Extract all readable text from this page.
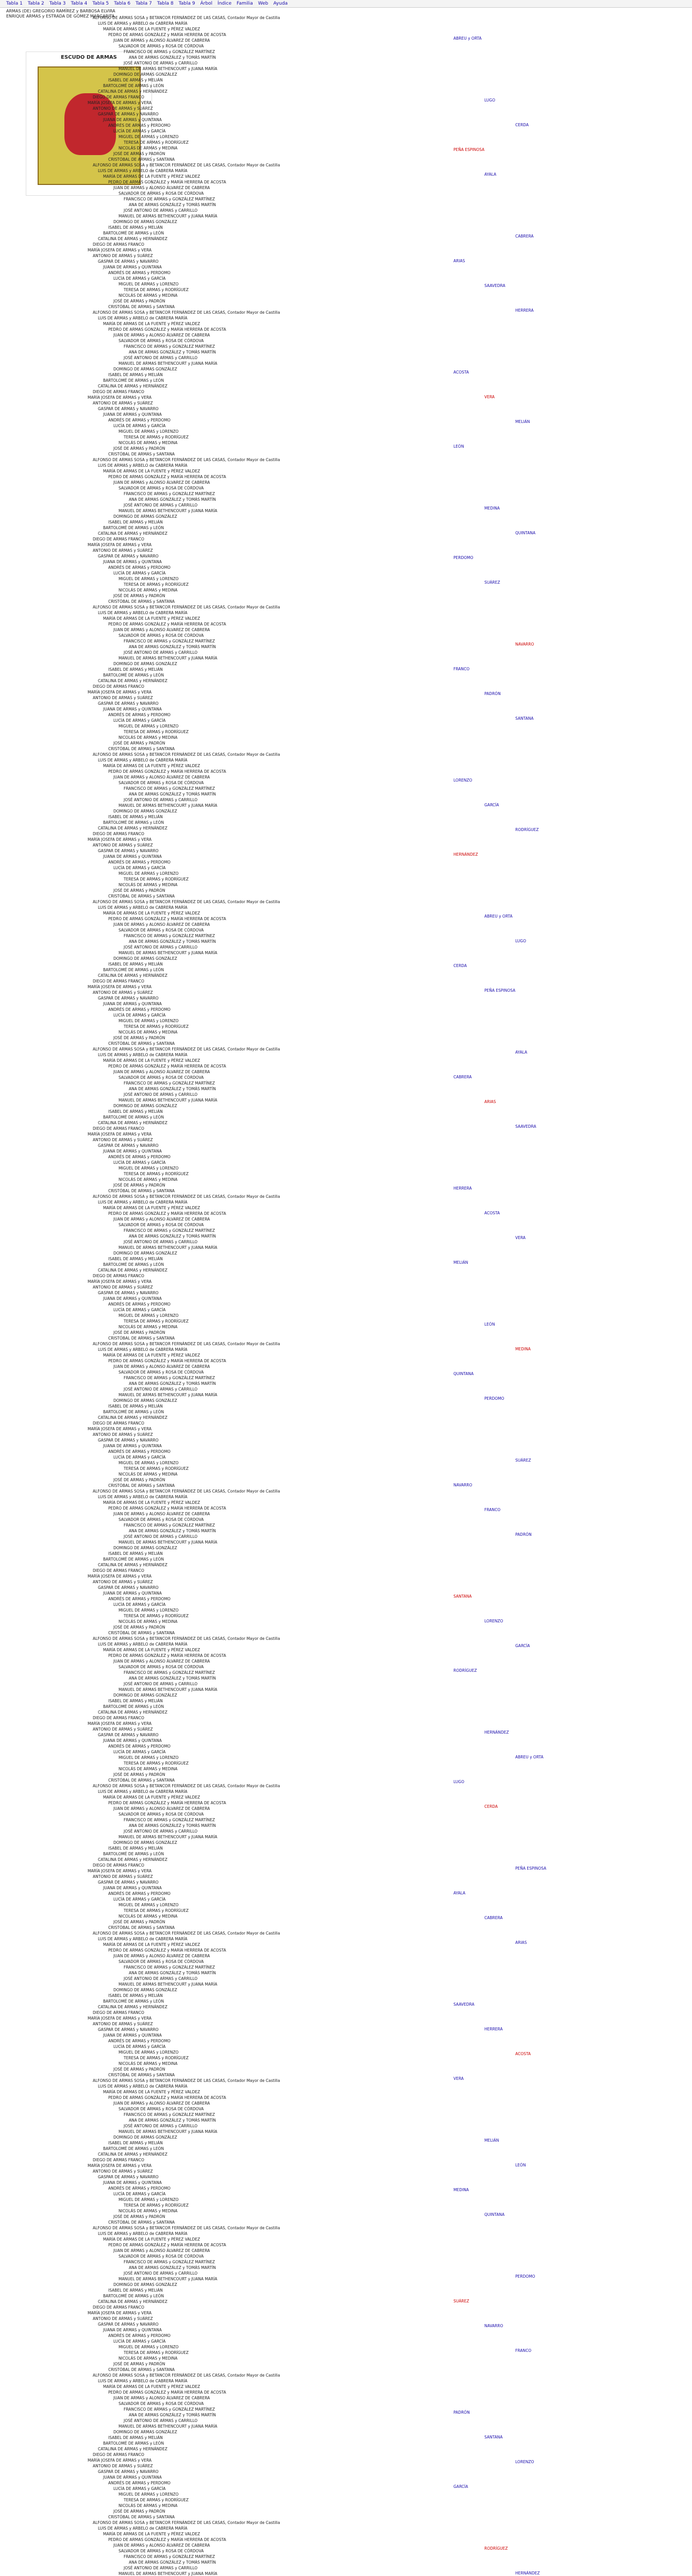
Tabla 1 Tabla 2 Tabla 3 Tabla 4 Tabla 5 Tabla 6 Tabla 7 Tabla 8 Tabla 9 Árbol Índice Familia Web Ayuda
ARMAS (DE) GREGORIO RAMÍREZ y BARBOSA ELVIRA
ENRIQUE ARMAS y ESTRADA DE GÓMEZ MARGARITA
ESCUDO DE ARMAS
ALFONSO DE ARMAS SOSA y BETANCOR FERNÁNDEZ DE LAS CASAS, Contador Mayor de Castilla
LUIS DE ARMAS y ARBELO de CABRERA MARÍA
MARÍA DE ARMAS DE LA FUENTE y PÉREZ VALDEZ
PEDRO DE ARMAS GONZÁLEZ y MARÍA HERRERA DE ACOSTA
JUAN DE ARMAS y ALONSO ÁLVAREZ DE CABRERA
SALVADOR DE ARMAS y ROSA DE CÓRDOVA
FRANCISCO DE ARMAS y GONZÁLEZ MARTÍNEZ
ANA DE ARMAS GONZÁLEZ y TOMÁS MARTÍN
JOSÉ ANTONIO DE ARMAS y CARRILLO
MANUEL DE ARMAS BETHENCOURT y JUANA MARÍA
DOMINGO DE ARMAS GONZÁLEZ
ISABEL DE ARMAS y MELIÁN
BARTOLOMÉ DE ARMAS y LEÓN
CATALINA DE ARMAS y HERNÁNDEZ
DIEGO DE ARMAS FRANCO
MARÍA JOSEFA DE ARMAS y VERA
ANTONIO DE ARMAS y SUÁREZ
GASPAR DE ARMAS y NAVARRO
JUANA DE ARMAS y QUINTANA
ANDRÉS DE ARMAS y PERDOMO
LUCÍA DE ARMAS y GARCÍA
MIGUEL DE ARMAS y LORENZO
TERESA DE ARMAS y RODRÍGUEZ
NICOLÁS DE ARMAS y MEDINA
JOSÉ DE ARMAS y PADRÓN
CRISTÓBAL DE ARMAS y SANTANA
ALFONSO DE ARMAS SOSA y BETANCOR FERNÁNDEZ DE LAS CASAS, Contador Mayor de Castilla
LUIS DE ARMAS y ARBELO de CABRERA MARÍA
MARÍA DE ARMAS DE LA FUENTE y PÉREZ VALDEZ
PEDRO DE ARMAS GONZÁLEZ y MARÍA HERRERA DE ACOSTA
JUAN DE ARMAS y ALONSO ÁLVAREZ DE CABRERA
SALVADOR DE ARMAS y ROSA DE CÓRDOVA
FRANCISCO DE ARMAS y GONZÁLEZ MARTÍNEZ
ANA DE ARMAS GONZÁLEZ y TOMÁS MARTÍN
JOSÉ ANTONIO DE ARMAS y CARRILLO
MANUEL DE ARMAS BETHENCOURT y JUANA MARÍA
DOMINGO DE ARMAS GONZÁLEZ
ISABEL DE ARMAS y MELIÁN
BARTOLOMÉ DE ARMAS y LEÓN
CATALINA DE ARMAS y HERNÁNDEZ
DIEGO DE ARMAS FRANCO
MARÍA JOSEFA DE ARMAS y VERA
ANTONIO DE ARMAS y SUÁREZ
GASPAR DE ARMAS y NAVARRO
JUANA DE ARMAS y QUINTANA
ANDRÉS DE ARMAS y PERDOMO
LUCÍA DE ARMAS y GARCÍA
MIGUEL DE ARMAS y LORENZO
TERESA DE ARMAS y RODRÍGUEZ
NICOLÁS DE ARMAS y MEDINA
JOSÉ DE ARMAS y PADRÓN
CRISTÓBAL DE ARMAS y SANTANA
ALFONSO DE ARMAS SOSA y BETANCOR FERNÁNDEZ DE LAS CASAS, Contador Mayor de Castilla
LUIS DE ARMAS y ARBELO de CABRERA MARÍA
MARÍA DE ARMAS DE LA FUENTE y PÉREZ VALDEZ
PEDRO DE ARMAS GONZÁLEZ y MARÍA HERRERA DE ACOSTA
JUAN DE ARMAS y ALONSO ÁLVAREZ DE CABRERA
SALVADOR DE ARMAS y ROSA DE CÓRDOVA
FRANCISCO DE ARMAS y GONZÁLEZ MARTÍNEZ
ANA DE ARMAS GONZÁLEZ y TOMÁS MARTÍN
JOSÉ ANTONIO DE ARMAS y CARRILLO
MANUEL DE ARMAS BETHENCOURT y JUANA MARÍA
DOMINGO DE ARMAS GONZÁLEZ
ISABEL DE ARMAS y MELIÁN
BARTOLOMÉ DE ARMAS y LEÓN
CATALINA DE ARMAS y HERNÁNDEZ
DIEGO DE ARMAS FRANCO
MARÍA JOSEFA DE ARMAS y VERA
ANTONIO DE ARMAS y SUÁREZ
GASPAR DE ARMAS y NAVARRO
JUANA DE ARMAS y QUINTANA
ANDRÉS DE ARMAS y PERDOMO
LUCÍA DE ARMAS y GARCÍA
MIGUEL DE ARMAS y LORENZO
TERESA DE ARMAS y RODRÍGUEZ
NICOLÁS DE ARMAS y MEDINA
JOSÉ DE ARMAS y PADRÓN
CRISTÓBAL DE ARMAS y SANTANA
ALFONSO DE ARMAS SOSA y BETANCOR FERNÁNDEZ DE LAS CASAS, Contador Mayor de Castilla
LUIS DE ARMAS y ARBELO de CABRERA MARÍA
MARÍA DE ARMAS DE LA FUENTE y PÉREZ VALDEZ
PEDRO DE ARMAS GONZÁLEZ y MARÍA HERRERA DE ACOSTA
JUAN DE ARMAS y ALONSO ÁLVAREZ DE CABRERA
SALVADOR DE ARMAS y ROSA DE CÓRDOVA
FRANCISCO DE ARMAS y GONZÁLEZ MARTÍNEZ
ANA DE ARMAS GONZÁLEZ y TOMÁS MARTÍN
JOSÉ ANTONIO DE ARMAS y CARRILLO
MANUEL DE ARMAS BETHENCOURT y JUANA MARÍA
DOMINGO DE ARMAS GONZÁLEZ
ISABEL DE ARMAS y MELIÁN
BARTOLOMÉ DE ARMAS y LEÓN
CATALINA DE ARMAS y HERNÁNDEZ
DIEGO DE ARMAS FRANCO
MARÍA JOSEFA DE ARMAS y VERA
ANTONIO DE ARMAS y SUÁREZ
GASPAR DE ARMAS y NAVARRO
JUANA DE ARMAS y QUINTANA
ANDRÉS DE ARMAS y PERDOMO
LUCÍA DE ARMAS y GARCÍA
MIGUEL DE ARMAS y LORENZO
TERESA DE ARMAS y RODRÍGUEZ
NICOLÁS DE ARMAS y MEDINA
JOSÉ DE ARMAS y PADRÓN
CRISTÓBAL DE ARMAS y SANTANA
ALFONSO DE ARMAS SOSA y BETANCOR FERNÁNDEZ DE LAS CASAS, Contador Mayor de Castilla
LUIS DE ARMAS y ARBELO de CABRERA MARÍA
MARÍA DE ARMAS DE LA FUENTE y PÉREZ VALDEZ
PEDRO DE ARMAS GONZÁLEZ y MARÍA HERRERA DE ACOSTA
JUAN DE ARMAS y ALONSO ÁLVAREZ DE CABRERA
SALVADOR DE ARMAS y ROSA DE CÓRDOVA
FRANCISCO DE ARMAS y GONZÁLEZ MARTÍNEZ
ANA DE ARMAS GONZÁLEZ y TOMÁS MARTÍN
JOSÉ ANTONIO DE ARMAS y CARRILLO
MANUEL DE ARMAS BETHENCOURT y JUANA MARÍA
DOMINGO DE ARMAS GONZÁLEZ
ISABEL DE ARMAS y MELIÁN
BARTOLOMÉ DE ARMAS y LEÓN
CATALINA DE ARMAS y HERNÁNDEZ
DIEGO DE ARMAS FRANCO
MARÍA JOSEFA DE ARMAS y VERA
ANTONIO DE ARMAS y SUÁREZ
GASPAR DE ARMAS y NAVARRO
JUANA DE ARMAS y QUINTANA
ANDRÉS DE ARMAS y PERDOMO
LUCÍA DE ARMAS y GARCÍA
MIGUEL DE ARMAS y LORENZO
TERESA DE ARMAS y RODRÍGUEZ
NICOLÁS DE ARMAS y MEDINA
JOSÉ DE ARMAS y PADRÓN
CRISTÓBAL DE ARMAS y SANTANA
ALFONSO DE ARMAS SOSA y BETANCOR FERNÁNDEZ DE LAS CASAS, Contador Mayor de Castilla
LUIS DE ARMAS y ARBELO de CABRERA MARÍA
MARÍA DE ARMAS DE LA FUENTE y PÉREZ VALDEZ
PEDRO DE ARMAS GONZÁLEZ y MARÍA HERRERA DE ACOSTA
JUAN DE ARMAS y ALONSO ÁLVAREZ DE CABRERA
SALVADOR DE ARMAS y ROSA DE CÓRDOVA
FRANCISCO DE ARMAS y GONZÁLEZ MARTÍNEZ
ANA DE ARMAS GONZÁLEZ y TOMÁS MARTÍN
JOSÉ ANTONIO DE ARMAS y CARRILLO
MANUEL DE ARMAS BETHENCOURT y JUANA MARÍA
DOMINGO DE ARMAS GONZÁLEZ
ISABEL DE ARMAS y MELIÁN
BARTOLOMÉ DE ARMAS y LEÓN
CATALINA DE ARMAS y HERNÁNDEZ
DIEGO DE ARMAS FRANCO
MARÍA JOSEFA DE ARMAS y VERA
ANTONIO DE ARMAS y SUÁREZ
GASPAR DE ARMAS y NAVARRO
JUANA DE ARMAS y QUINTANA
ANDRÉS DE ARMAS y PERDOMO
LUCÍA DE ARMAS y GARCÍA
MIGUEL DE ARMAS y LORENZO
TERESA DE ARMAS y RODRÍGUEZ
NICOLÁS DE ARMAS y MEDINA
JOSÉ DE ARMAS y PADRÓN
CRISTÓBAL DE ARMAS y SANTANA
ALFONSO DE ARMAS SOSA y BETANCOR FERNÁNDEZ DE LAS CASAS, Contador Mayor de Castilla
LUIS DE ARMAS y ARBELO de CABRERA MARÍA
MARÍA DE ARMAS DE LA FUENTE y PÉREZ VALDEZ
PEDRO DE ARMAS GONZÁLEZ y MARÍA HERRERA DE ACOSTA
JUAN DE ARMAS y ALONSO ÁLVAREZ DE CABRERA
SALVADOR DE ARMAS y ROSA DE CÓRDOVA
FRANCISCO DE ARMAS y GONZÁLEZ MARTÍNEZ
ANA DE ARMAS GONZÁLEZ y TOMÁS MARTÍN
JOSÉ ANTONIO DE ARMAS y CARRILLO
MANUEL DE ARMAS BETHENCOURT y JUANA MARÍA
DOMINGO DE ARMAS GONZÁLEZ
ISABEL DE ARMAS y MELIÁN
BARTOLOMÉ DE ARMAS y LEÓN
CATALINA DE ARMAS y HERNÁNDEZ
DIEGO DE ARMAS FRANCO
MARÍA JOSEFA DE ARMAS y VERA
ANTONIO DE ARMAS y SUÁREZ
GASPAR DE ARMAS y NAVARRO
JUANA DE ARMAS y QUINTANA
ANDRÉS DE ARMAS y PERDOMO
LUCÍA DE ARMAS y GARCÍA
MIGUEL DE ARMAS y LORENZO
TERESA DE ARMAS y RODRÍGUEZ
NICOLÁS DE ARMAS y MEDINA
JOSÉ DE ARMAS y PADRÓN
CRISTÓBAL DE ARMAS y SANTANA
ALFONSO DE ARMAS SOSA y BETANCOR FERNÁNDEZ DE LAS CASAS, Contador Mayor de Castilla
LUIS DE ARMAS y ARBELO de CABRERA MARÍA
MARÍA DE ARMAS DE LA FUENTE y PÉREZ VALDEZ
PEDRO DE ARMAS GONZÁLEZ y MARÍA HERRERA DE ACOSTA
JUAN DE ARMAS y ALONSO ÁLVAREZ DE CABRERA
SALVADOR DE ARMAS y ROSA DE CÓRDOVA
FRANCISCO DE ARMAS y GONZÁLEZ MARTÍNEZ
ANA DE ARMAS GONZÁLEZ y TOMÁS MARTÍN
JOSÉ ANTONIO DE ARMAS y CARRILLO
MANUEL DE ARMAS BETHENCOURT y JUANA MARÍA
DOMINGO DE ARMAS GONZÁLEZ
ISABEL DE ARMAS y MELIÁN
BARTOLOMÉ DE ARMAS y LEÓN
CATALINA DE ARMAS y HERNÁNDEZ
DIEGO DE ARMAS FRANCO
MARÍA JOSEFA DE ARMAS y VERA
ANTONIO DE ARMAS y SUÁREZ
GASPAR DE ARMAS y NAVARRO
JUANA DE ARMAS y QUINTANA
ANDRÉS DE ARMAS y PERDOMO
LUCÍA DE ARMAS y GARCÍA
MIGUEL DE ARMAS y LORENZO
TERESA DE ARMAS y RODRÍGUEZ
NICOLÁS DE ARMAS y MEDINA
JOSÉ DE ARMAS y PADRÓN
CRISTÓBAL DE ARMAS y SANTANA
ALFONSO DE ARMAS SOSA y BETANCOR FERNÁNDEZ DE LAS CASAS, Contador Mayor de Castilla
LUIS DE ARMAS y ARBELO de CABRERA MARÍA
MARÍA DE ARMAS DE LA FUENTE y PÉREZ VALDEZ
PEDRO DE ARMAS GONZÁLEZ y MARÍA HERRERA DE ACOSTA
JUAN DE ARMAS y ALONSO ÁLVAREZ DE CABRERA
SALVADOR DE ARMAS y ROSA DE CÓRDOVA
FRANCISCO DE ARMAS y GONZÁLEZ MARTÍNEZ
ANA DE ARMAS GONZÁLEZ y TOMÁS MARTÍN
JOSÉ ANTONIO DE ARMAS y CARRILLO
MANUEL DE ARMAS BETHENCOURT y JUANA MARÍA
DOMINGO DE ARMAS GONZÁLEZ
ISABEL DE ARMAS y MELIÁN
BARTOLOMÉ DE ARMAS y LEÓN
CATALINA DE ARMAS y HERNÁNDEZ
DIEGO DE ARMAS FRANCO
MARÍA JOSEFA DE ARMAS y VERA
ANTONIO DE ARMAS y SUÁREZ
GASPAR DE ARMAS y NAVARRO
JUANA DE ARMAS y QUINTANA
ANDRÉS DE ARMAS y PERDOMO
LUCÍA DE ARMAS y GARCÍA
MIGUEL DE ARMAS y LORENZO
TERESA DE ARMAS y RODRÍGUEZ
NICOLÁS DE ARMAS y MEDINA
JOSÉ DE ARMAS y PADRÓN
CRISTÓBAL DE ARMAS y SANTANA
ALFONSO DE ARMAS SOSA y BETANCOR FERNÁNDEZ DE LAS CASAS, Contador Mayor de Castilla
LUIS DE ARMAS y ARBELO de CABRERA MARÍA
MARÍA DE ARMAS DE LA FUENTE y PÉREZ VALDEZ
PEDRO DE ARMAS GONZÁLEZ y MARÍA HERRERA DE ACOSTA
JUAN DE ARMAS y ALONSO ÁLVAREZ DE CABRERA
SALVADOR DE ARMAS y ROSA DE CÓRDOVA
FRANCISCO DE ARMAS y GONZÁLEZ MARTÍNEZ
ANA DE ARMAS GONZÁLEZ y TOMÁS MARTÍN
JOSÉ ANTONIO DE ARMAS y CARRILLO
MANUEL DE ARMAS BETHENCOURT y JUANA MARÍA
DOMINGO DE ARMAS GONZÁLEZ
ISABEL DE ARMAS y MELIÁN
BARTOLOMÉ DE ARMAS y LEÓN
CATALINA DE ARMAS y HERNÁNDEZ
DIEGO DE ARMAS FRANCO
MARÍA JOSEFA DE ARMAS y VERA
ANTONIO DE ARMAS y SUÁREZ
GASPAR DE ARMAS y NAVARRO
JUANA DE ARMAS y QUINTANA
ANDRÉS DE ARMAS y PERDOMO
LUCÍA DE ARMAS y GARCÍA
MIGUEL DE ARMAS y LORENZO
TERESA DE ARMAS y RODRÍGUEZ
NICOLÁS DE ARMAS y MEDINA
JOSÉ DE ARMAS y PADRÓN
CRISTÓBAL DE ARMAS y SANTANA
ALFONSO DE ARMAS SOSA y BETANCOR FERNÁNDEZ DE LAS CASAS, Contador Mayor de Castilla
LUIS DE ARMAS y ARBELO de CABRERA MARÍA
MARÍA DE ARMAS DE LA FUENTE y PÉREZ VALDEZ
PEDRO DE ARMAS GONZÁLEZ y MARÍA HERRERA DE ACOSTA
JUAN DE ARMAS y ALONSO ÁLVAREZ DE CABRERA
SALVADOR DE ARMAS y ROSA DE CÓRDOVA
FRANCISCO DE ARMAS y GONZÁLEZ MARTÍNEZ
ANA DE ARMAS GONZÁLEZ y TOMÁS MARTÍN
JOSÉ ANTONIO DE ARMAS y CARRILLO
MANUEL DE ARMAS BETHENCOURT y JUANA MARÍA
DOMINGO DE ARMAS GONZÁLEZ
ISABEL DE ARMAS y MELIÁN
BARTOLOMÉ DE ARMAS y LEÓN
CATALINA DE ARMAS y HERNÁNDEZ
DIEGO DE ARMAS FRANCO
MARÍA JOSEFA DE ARMAS y VERA
ANTONIO DE ARMAS y SUÁREZ
GASPAR DE ARMAS y NAVARRO
JUANA DE ARMAS y QUINTANA
ANDRÉS DE ARMAS y PERDOMO
LUCÍA DE ARMAS y GARCÍA
MIGUEL DE ARMAS y LORENZO
TERESA DE ARMAS y RODRÍGUEZ
NICOLÁS DE ARMAS y MEDINA
JOSÉ DE ARMAS y PADRÓN
CRISTÓBAL DE ARMAS y SANTANA
ALFONSO DE ARMAS SOSA y BETANCOR FERNÁNDEZ DE LAS CASAS, Contador Mayor de Castilla
LUIS DE ARMAS y ARBELO de CABRERA MARÍA
MARÍA DE ARMAS DE LA FUENTE y PÉREZ VALDEZ
PEDRO DE ARMAS GONZÁLEZ y MARÍA HERRERA DE ACOSTA
JUAN DE ARMAS y ALONSO ÁLVAREZ DE CABRERA
SALVADOR DE ARMAS y ROSA DE CÓRDOVA
FRANCISCO DE ARMAS y GONZÁLEZ MARTÍNEZ
ANA DE ARMAS GONZÁLEZ y TOMÁS MARTÍN
JOSÉ ANTONIO DE ARMAS y CARRILLO
MANUEL DE ARMAS BETHENCOURT y JUANA MARÍA
DOMINGO DE ARMAS GONZÁLEZ
ISABEL DE ARMAS y MELIÁN
BARTOLOMÉ DE ARMAS y LEÓN
CATALINA DE ARMAS y HERNÁNDEZ
DIEGO DE ARMAS FRANCO
MARÍA JOSEFA DE ARMAS y VERA
ANTONIO DE ARMAS y SUÁREZ
GASPAR DE ARMAS y NAVARRO
JUANA DE ARMAS y QUINTANA
ANDRÉS DE ARMAS y PERDOMO
LUCÍA DE ARMAS y GARCÍA
MIGUEL DE ARMAS y LORENZO
TERESA DE ARMAS y RODRÍGUEZ
NICOLÁS DE ARMAS y MEDINA
JOSÉ DE ARMAS y PADRÓN
CRISTÓBAL DE ARMAS y SANTANA
ALFONSO DE ARMAS SOSA y BETANCOR FERNÁNDEZ DE LAS CASAS, Contador Mayor de Castilla
LUIS DE ARMAS y ARBELO de CABRERA MARÍA
MARÍA DE ARMAS DE LA FUENTE y PÉREZ VALDEZ
PEDRO DE ARMAS GONZÁLEZ y MARÍA HERRERA DE ACOSTA
JUAN DE ARMAS y ALONSO ÁLVAREZ DE CABRERA
SALVADOR DE ARMAS y ROSA DE CÓRDOVA
FRANCISCO DE ARMAS y GONZÁLEZ MARTÍNEZ
ANA DE ARMAS GONZÁLEZ y TOMÁS MARTÍN
JOSÉ ANTONIO DE ARMAS y CARRILLO
MANUEL DE ARMAS BETHENCOURT y JUANA MARÍA
DOMINGO DE ARMAS GONZÁLEZ
ISABEL DE ARMAS y MELIÁN
BARTOLOMÉ DE ARMAS y LEÓN
CATALINA DE ARMAS y HERNÁNDEZ
DIEGO DE ARMAS FRANCO
MARÍA JOSEFA DE ARMAS y VERA
ANTONIO DE ARMAS y SUÁREZ
GASPAR DE ARMAS y NAVARRO
JUANA DE ARMAS y QUINTANA
ANDRÉS DE ARMAS y PERDOMO
LUCÍA DE ARMAS y GARCÍA
MIGUEL DE ARMAS y LORENZO
TERESA DE ARMAS y RODRÍGUEZ
NICOLÁS DE ARMAS y MEDINA
JOSÉ DE ARMAS y PADRÓN
CRISTÓBAL DE ARMAS y SANTANA
ALFONSO DE ARMAS SOSA y BETANCOR FERNÁNDEZ DE LAS CASAS, Contador Mayor de Castilla
LUIS DE ARMAS y ARBELO de CABRERA MARÍA
MARÍA DE ARMAS DE LA FUENTE y PÉREZ VALDEZ
PEDRO DE ARMAS GONZÁLEZ y MARÍA HERRERA DE ACOSTA
JUAN DE ARMAS y ALONSO ÁLVAREZ DE CABRERA
SALVADOR DE ARMAS y ROSA DE CÓRDOVA
FRANCISCO DE ARMAS y GONZÁLEZ MARTÍNEZ
ANA DE ARMAS GONZÁLEZ y TOMÁS MARTÍN
JOSÉ ANTONIO DE ARMAS y CARRILLO
MANUEL DE ARMAS BETHENCOURT y JUANA MARÍA
DOMINGO DE ARMAS GONZÁLEZ
ISABEL DE ARMAS y MELIÁN
BARTOLOMÉ DE ARMAS y LEÓN
CATALINA DE ARMAS y HERNÁNDEZ
DIEGO DE ARMAS FRANCO
MARÍA JOSEFA DE ARMAS y VERA
ANTONIO DE ARMAS y SUÁREZ
GASPAR DE ARMAS y NAVARRO
JUANA DE ARMAS y QUINTANA
ANDRÉS DE ARMAS y PERDOMO
LUCÍA DE ARMAS y GARCÍA
MIGUEL DE ARMAS y LORENZO
TERESA DE ARMAS y RODRÍGUEZ
NICOLÁS DE ARMAS y MEDINA
JOSÉ DE ARMAS y PADRÓN
CRISTÓBAL DE ARMAS y SANTANA
ALFONSO DE ARMAS SOSA y BETANCOR FERNÁNDEZ DE LAS CASAS, Contador Mayor de Castilla
LUIS DE ARMAS y ARBELO de CABRERA MARÍA
MARÍA DE ARMAS DE LA FUENTE y PÉREZ VALDEZ
PEDRO DE ARMAS GONZÁLEZ y MARÍA HERRERA DE ACOSTA
JUAN DE ARMAS y ALONSO ÁLVAREZ DE CABRERA
SALVADOR DE ARMAS y ROSA DE CÓRDOVA
FRANCISCO DE ARMAS y GONZÁLEZ MARTÍNEZ
ANA DE ARMAS GONZÁLEZ y TOMÁS MARTÍN
JOSÉ ANTONIO DE ARMAS y CARRILLO
MANUEL DE ARMAS BETHENCOURT y JUANA MARÍA
DOMINGO DE ARMAS GONZÁLEZ
ISABEL DE ARMAS y MELIÁN
BARTOLOMÉ DE ARMAS y LEÓN
CATALINA DE ARMAS y HERNÁNDEZ
DIEGO DE ARMAS FRANCO
MARÍA JOSEFA DE ARMAS y VERA
ANTONIO DE ARMAS y SUÁREZ
GASPAR DE ARMAS y NAVARRO
JUANA DE ARMAS y QUINTANA
ANDRÉS DE ARMAS y PERDOMO
LUCÍA DE ARMAS y GARCÍA
MIGUEL DE ARMAS y LORENZO
TERESA DE ARMAS y RODRÍGUEZ
NICOLÁS DE ARMAS y MEDINA
JOSÉ DE ARMAS y PADRÓN
CRISTÓBAL DE ARMAS y SANTANA
ALFONSO DE ARMAS SOSA y BETANCOR FERNÁNDEZ DE LAS CASAS, Contador Mayor de Castilla
LUIS DE ARMAS y ARBELO de CABRERA MARÍA
MARÍA DE ARMAS DE LA FUENTE y PÉREZ VALDEZ
PEDRO DE ARMAS GONZÁLEZ y MARÍA HERRERA DE ACOSTA
JUAN DE ARMAS y ALONSO ÁLVAREZ DE CABRERA
SALVADOR DE ARMAS y ROSA DE CÓRDOVA
FRANCISCO DE ARMAS y GONZÁLEZ MARTÍNEZ
ANA DE ARMAS GONZÁLEZ y TOMÁS MARTÍN
JOSÉ ANTONIO DE ARMAS y CARRILLO
MANUEL DE ARMAS BETHENCOURT y JUANA MARÍA
DOMINGO DE ARMAS GONZÁLEZ
ISABEL DE ARMAS y MELIÁN
BARTOLOMÉ DE ARMAS y LEÓN
CATALINA DE ARMAS y HERNÁNDEZ
DIEGO DE ARMAS FRANCO
MARÍA JOSEFA DE ARMAS y VERA
ANTONIO DE ARMAS y SUÁREZ
GASPAR DE ARMAS y NAVARRO
JUANA DE ARMAS y QUINTANA
ANDRÉS DE ARMAS y PERDOMO
LUCÍA DE ARMAS y GARCÍA
MIGUEL DE ARMAS y LORENZO
TERESA DE ARMAS y RODRÍGUEZ
NICOLÁS DE ARMAS y MEDINA
JOSÉ DE ARMAS y PADRÓN
CRISTÓBAL DE ARMAS y SANTANA
ALFONSO DE ARMAS SOSA y BETANCOR FERNÁNDEZ DE LAS CASAS, Contador Mayor de Castilla
LUIS DE ARMAS y ARBELO de CABRERA MARÍA
MARÍA DE ARMAS DE LA FUENTE y PÉREZ VALDEZ
PEDRO DE ARMAS GONZÁLEZ y MARÍA HERRERA DE ACOSTA
JUAN DE ARMAS y ALONSO ÁLVAREZ DE CABRERA
SALVADOR DE ARMAS y ROSA DE CÓRDOVA
FRANCISCO DE ARMAS y GONZÁLEZ MARTÍNEZ
ANA DE ARMAS GONZÁLEZ y TOMÁS MARTÍN
JOSÉ ANTONIO DE ARMAS y CARRILLO
MANUEL DE ARMAS BETHENCOURT y JUANA MARÍA
DOMINGO DE ARMAS GONZÁLEZ
ISABEL DE ARMAS y MELIÁN
BARTOLOMÉ DE ARMAS y LEÓN
CATALINA DE ARMAS y HERNÁNDEZ
DIEGO DE ARMAS FRANCO
MARÍA JOSEFA DE ARMAS y VERA
ANTONIO DE ARMAS y SUÁREZ
GASPAR DE ARMAS y NAVARRO
JUANA DE ARMAS y QUINTANA
ANDRÉS DE ARMAS y PERDOMO
LUCÍA DE ARMAS y GARCÍA
MIGUEL DE ARMAS y LORENZO
TERESA DE ARMAS y RODRÍGUEZ
NICOLÁS DE ARMAS y MEDINA
JOSÉ DE ARMAS y PADRÓN
CRISTÓBAL DE ARMAS y SANTANA
ALFONSO DE ARMAS SOSA y BETANCOR FERNÁNDEZ DE LAS CASAS, Contador Mayor de Castilla
LUIS DE ARMAS y ARBELO de CABRERA MARÍA
MARÍA DE ARMAS DE LA FUENTE y PÉREZ VALDEZ
PEDRO DE ARMAS GONZÁLEZ y MARÍA HERRERA DE ACOSTA
JUAN DE ARMAS y ALONSO ÁLVAREZ DE CABRERA
SALVADOR DE ARMAS y ROSA DE CÓRDOVA
FRANCISCO DE ARMAS y GONZÁLEZ MARTÍNEZ
ANA DE ARMAS GONZÁLEZ y TOMÁS MARTÍN
JOSÉ ANTONIO DE ARMAS y CARRILLO
MANUEL DE ARMAS BETHENCOURT y JUANA MARÍA
ABREU y ORTA
LUGO
CERDA
PEÑA ESPINOSA
AYALA
CABRERA
ARIAS
SAAVEDRA
HERRERA
ACOSTA
VERA
MELIÁN
LEÓN
MEDINA
QUINTANA
PERDOMO
SUÁREZ
NAVARRO
FRANCO
PADRÓN
SANTANA
LORENZO
GARCÍA
RODRÍGUEZ
HERNÁNDEZ
ABREU y ORTA
LUGO
CERDA
PEÑA ESPINOSA
AYALA
CABRERA
ARIAS
SAAVEDRA
HERRERA
ACOSTA
VERA
MELIÁN
LEÓN
MEDINA
QUINTANA
PERDOMO
SUÁREZ
NAVARRO
FRANCO
PADRÓN
SANTANA
LORENZO
GARCÍA
RODRÍGUEZ
HERNÁNDEZ
ABREU y ORTA
LUGO
CERDA
PEÑA ESPINOSA
AYALA
CABRERA
ARIAS
SAAVEDRA
HERRERA
ACOSTA
VERA
MELIÁN
LEÓN
MEDINA
QUINTANA
PERDOMO
SUÁREZ
NAVARRO
FRANCO
PADRÓN
SANTANA
LORENZO
GARCÍA
RODRÍGUEZ
HERNÁNDEZ
